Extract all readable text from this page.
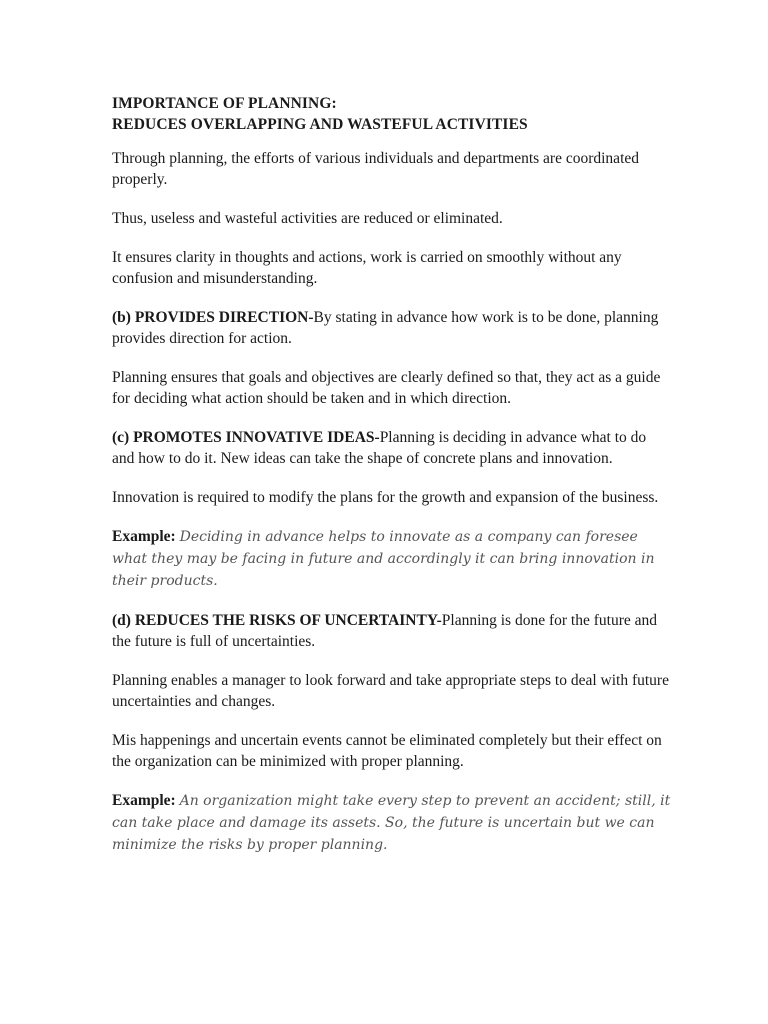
IMPORTANCE OF PLANNING:
REDUCES OVERLAPPING AND WASTEFUL ACTIVITIES

Through planning, the efforts of various individuals and departments are coordinated properly.

Thus, useless and wasteful activities are reduced or eliminated.

It ensures clarity in thoughts and actions, work is carried on smoothly without any confusion and misunderstanding.

(b) PROVIDES DIRECTION-By stating in advance how work is to be done, planning provides direction for action.

Planning ensures that goals and objectives are clearly defined so that, they act as a guide for deciding what action should be taken and in which direction.

(c) PROMOTES INNOVATIVE IDEAS-Planning is deciding in advance what to do and how to do it. New ideas can take the shape of concrete plans and innovation.

Innovation is required to modify the plans for the growth and expansion of the business.

Example: Deciding in advance helps to innovate as a company can foresee what they may be facing in future and accordingly it can bring innovation in their products.

(d) REDUCES THE RISKS OF UNCERTAINTY-Planning is done for the future and the future is full of uncertainties.

Planning enables a manager to look forward and take appropriate steps to deal with future uncertainties and changes.

Mis happenings and uncertain events cannot be eliminated completely but their effect on the organization can be minimized with proper planning.

Example: An organization might take every step to prevent an accident; still, it can take place and damage its assets. So, the future is uncertain but we can minimize the risks by proper planning.
